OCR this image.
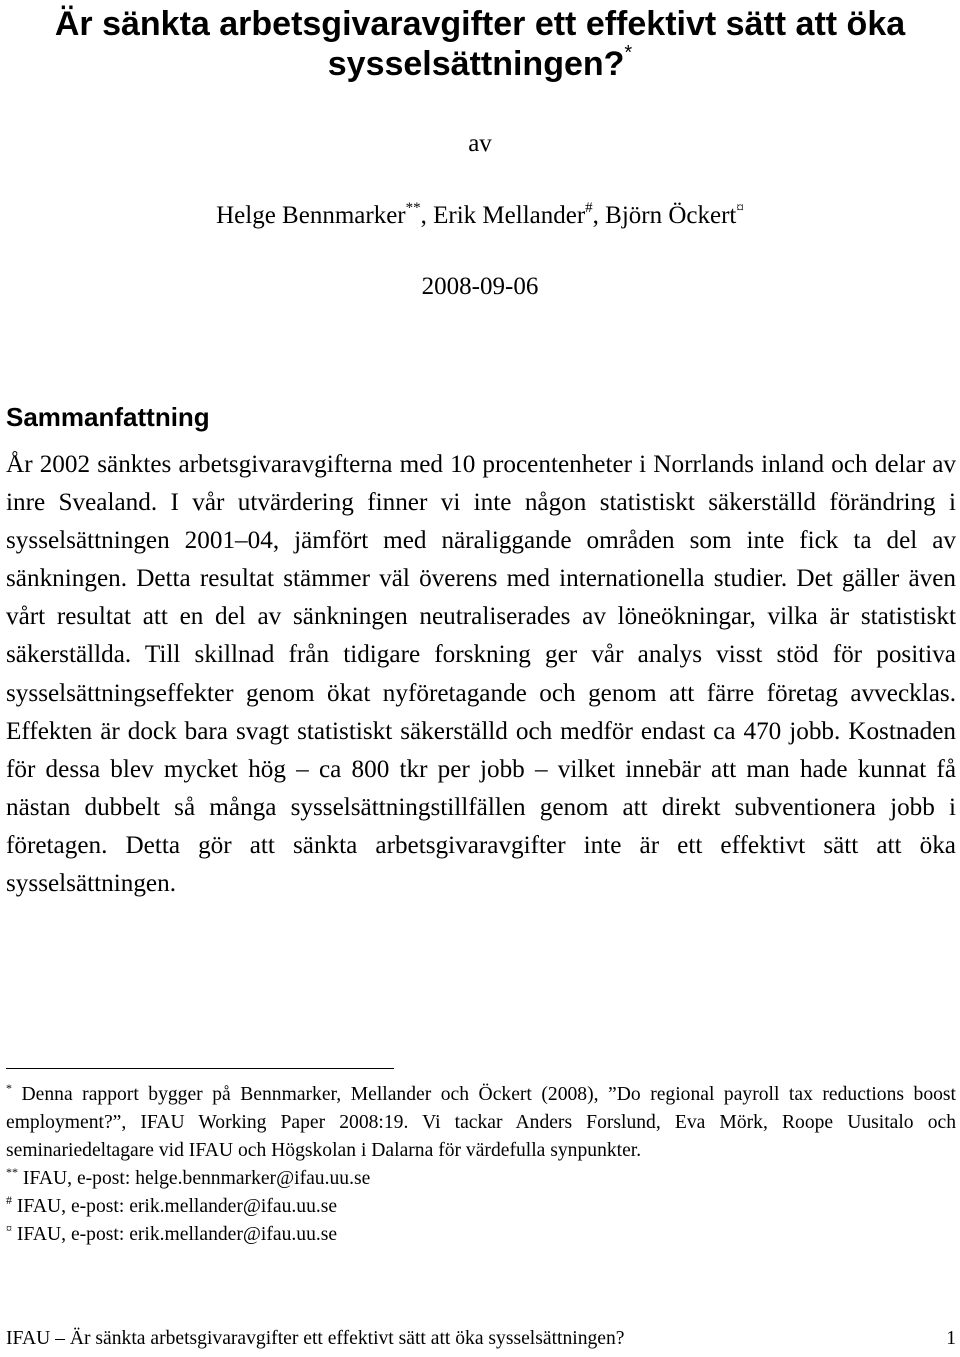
Är sänkta arbetsgivaravgifter ett effektivt sätt att öka sysselsättningen?*
av
Helge Bennmarker**, Erik Mellander#, Björn Öckert¤
2008-09-06
Sammanfattning

År 2002 sänktes arbetsgivaravgifterna med 10 procentenheter i Norrlands inland och delar av inre Svealand. I vår utvärdering finner vi inte någon statistiskt säkerställd förändring i sysselsättningen 2001–04, jämfört med näraliggande områden som inte fick ta del av sänkningen. Detta resultat stämmer väl överens med internationella studier. Det gäller även vårt resultat att en del av sänkningen neutraliserades av löneökningar, vilka är statistiskt säkerställda. Till skillnad från tidigare forskning ger vår analys visst stöd för positiva sysselsättningseffekter genom ökat nyföretagande och genom att färre företag avvecklas. Effekten är dock bara svagt statistiskt säkerställd och medför endast ca 470 jobb. Kostnaden för dessa blev mycket hög – ca 800 tkr per jobb – vilket innebär att man hade kunnat få nästan dubbelt så många sysselsättningstillfällen genom att direkt subventionera jobb i företagen. Detta gör att sänkta arbetsgivaravgifter inte är ett effektivt sätt att öka sysselsättningen.

* Denna rapport bygger på Bennmarker, Mellander och Öckert (2008), ”Do regional payroll tax reductions boost employment?”, IFAU Working Paper 2008:19. Vi tackar Anders Forslund, Eva Mörk, Roope Uusitalo och seminariedeltagare vid IFAU och Högskolan i Dalarna för värdefulla synpunkter.

** IFAU, e-post: helge.bennmarker@ifau.uu.se

# IFAU, e-post: erik.mellander@ifau.uu.se

¤ IFAU, e-post: erik.mellander@ifau.uu.se

IFAU – Är sänkta arbetsgivaravgifter ett effektivt sätt att öka sysselsättningen?	1
